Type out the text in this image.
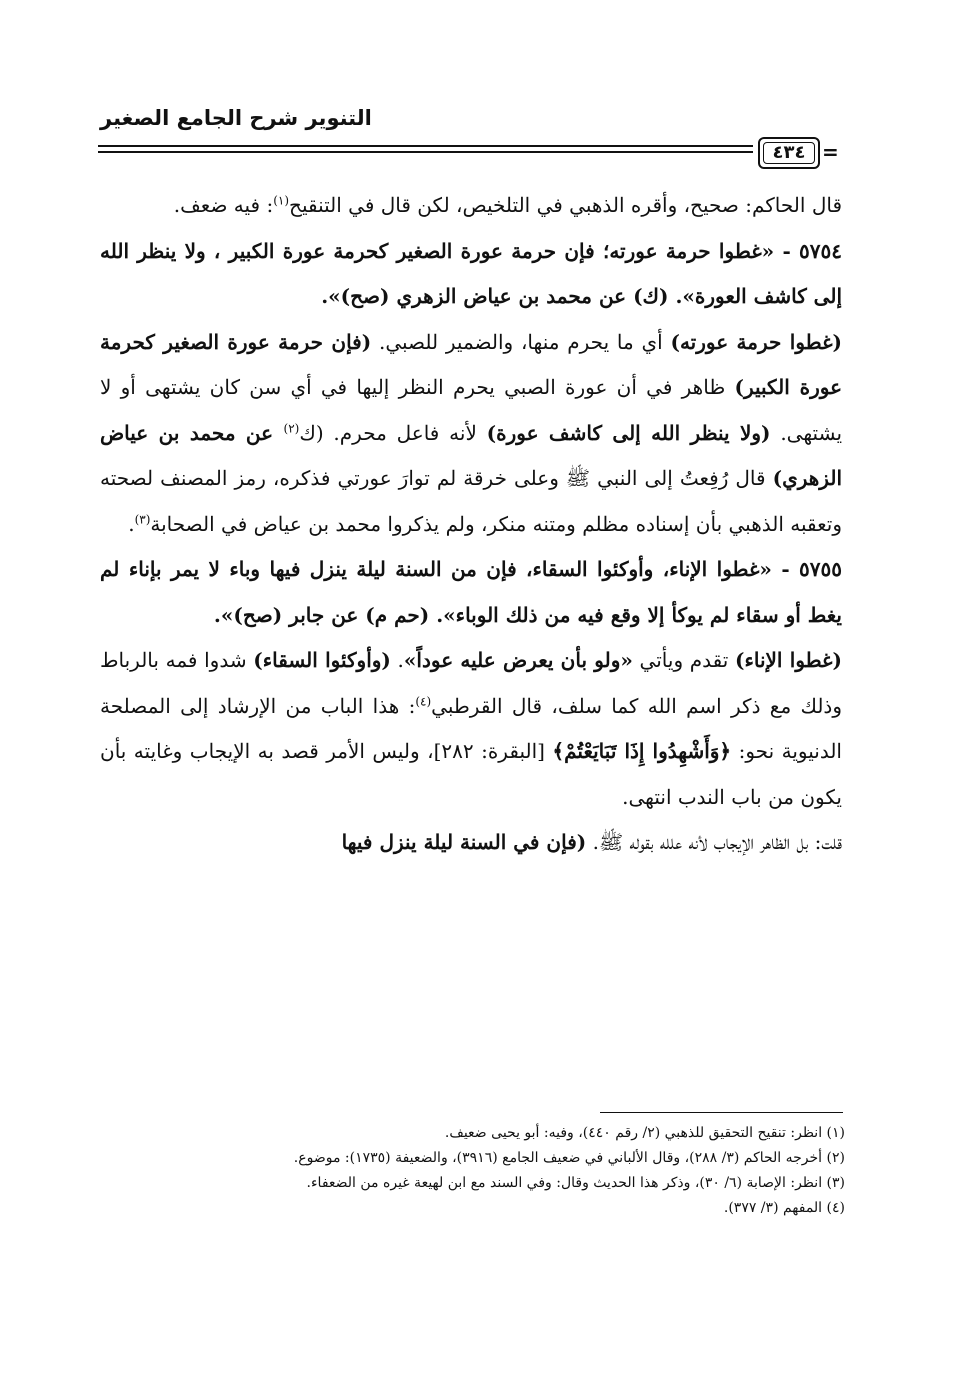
التنوير شرح الجامع الصغير
٤٣٤ =

قال الحاكم: صحيح، وأقره الذهبي في التلخيص، لكن قال في التنقيح$^{(١)}$: فيه ضعف.

٥٧٥٤ - «غطوا حرمة عورته؛ فإن حرمة عورة الصغير كحرمة عورة الكبير ، ولا ينظر الله إلى كاشف العورة». (ك) عن محمد بن عياض الزهري (صح)».

(غطوا حرمة عورته) أي ما يحرم منها، والضمير للصبي. (فإن حرمة عورة الصغير كحرمة عورة الكبير) ظاهر في أن عورة الصبي يحرم النظر إليها في أي سن كان يشتهى أو لا يشتهى. (ولا ينظر الله إلى كاشف عورة) لأنه فاعل محرم. (ك$^{(٢)}$ عن محمد بن عياض الزهري) قال رُفِعتُ إلى النبي ﷺ وعلى خرقة لم توارَ عورتي فذكره، رمز المصنف لصحته وتعقبه الذهبي بأن إسناده مظلم ومتنه منكر، ولم يذكروا محمد بن عياض في الصحابة$^{(٣)}$.

٥٧٥٥ - «غطوا الإناء، وأوكئوا السقاء، فإن من السنة ليلة ينزل فيها وباء لا يمر بإناء لم يغط أو سقاء لم يوكأ إلا وقع فيه من ذلك الوباء». (حم م) عن جابر (صح)».

(غطوا الإناء) تقدم ويأتي «ولو بأن يعرض عليه عوداً». (وأوكئوا السقاء) شدوا فمه بالرباط وذلك مع ذكر اسم الله كما سلف، قال القرطبي$^{(٤)}$: هذا الباب من الإرشاد إلى المصلحة الدنيوية نحو: ﴿وَأَشْهِدُوا إِذَا تَبَايَعْتُمْ﴾ [البقرة: ٢٨٢]، وليس الأمر قصد به الإيجاب وغايته بأن يكون من باب الندب انتهى.

قلت: بل الظاهر الإيجاب لأنه علله بقوله ﷺ. (فإن في السنة ليلة ينزل فيها

(١) انظر: تنقيح التحقيق للذهبي (٢/ رقم ٤٤٠)، وفيه: أبو يحيى ضعيف.

(٢) أخرجه الحاكم (٣/ ٢٨٨)، وقال الألباني في ضعيف الجامع (٣٩١٦)، والضعيفة (١٧٣٥): موضوع.

(٣) انظر: الإصابة (٦/ ٣٠)، وذكر هذا الحديث وقال: وفي السند مع ابن لهيعة غيره من الضعفاء.

(٤) المفهم (٣/ ٣٧٧).
